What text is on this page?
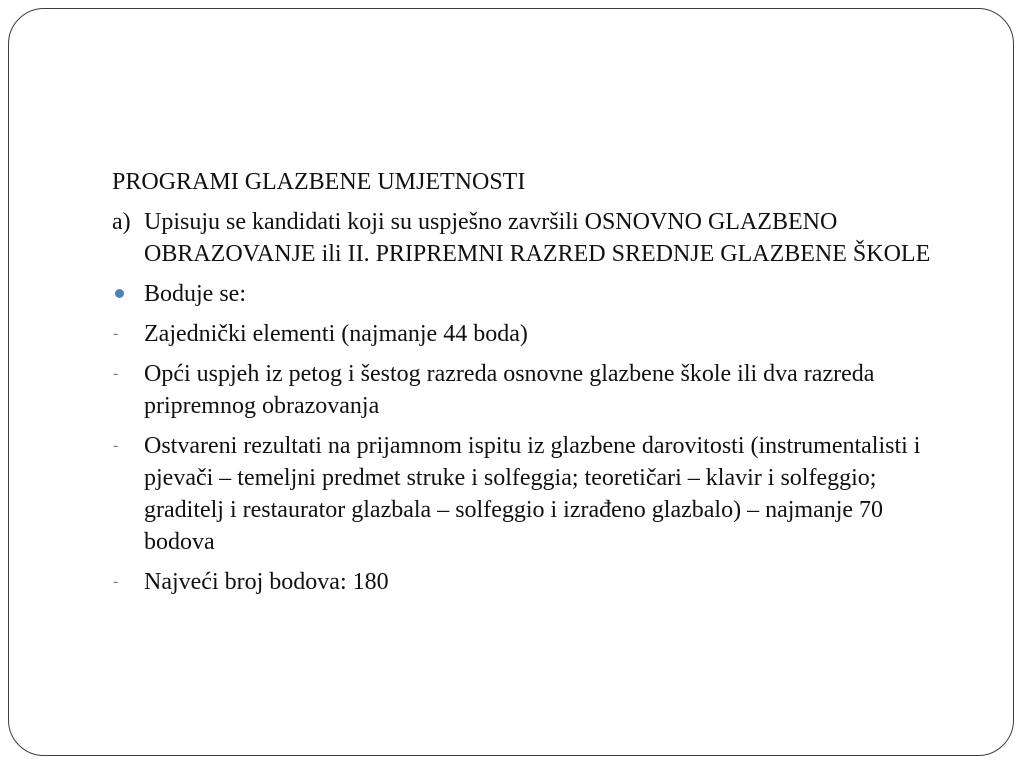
PROGRAMI GLAZBENE UMJETNOSTI

a) Upisuju se kandidati koji su uspješno završili OSNOVNO GLAZBENO OBRAZOVANJE ili II. PRIPREMNI RAZRED SREDNJE GLAZBENE ŠKOLE

Boduje se:

- Zajednički elementi (najmanje 44 boda)

- Opći uspjeh iz petog i šestog razreda osnovne glazbene škole ili dva razreda pripremnog obrazovanja

- Ostvareni rezultati na prijamnom ispitu iz glazbene darovitosti (instrumentalisti i pjevači – temeljni predmet struke i solfeggia; teoretičari – klavir i solfeggio; graditelj i restaurator glazbala – solfeggio i izrađeno glazbalo) – najmanje 70 bodova

- Najveći broj bodova: 180
